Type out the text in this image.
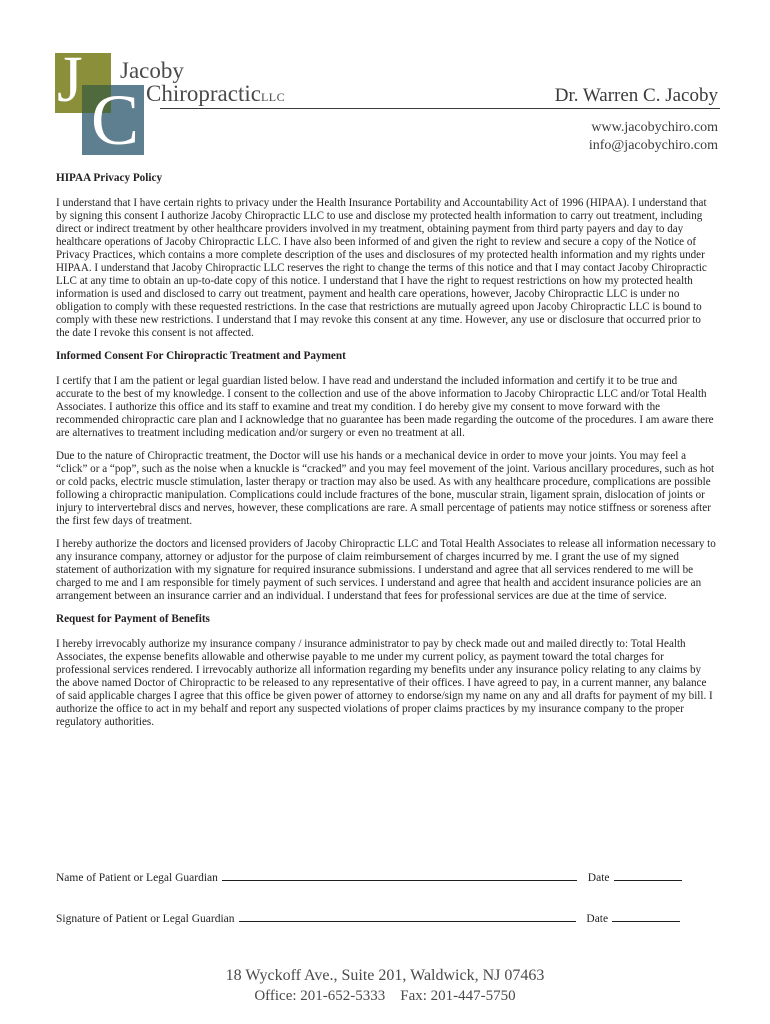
J
C
Jacoby
ChiropracticLLC	Dr. Warren C. Jacoby
www.jacobychiro.com
info@jacobychiro.com
HIPAA Privacy Policy

I understand that I have certain rights to privacy under the Health Insurance Portability and Accountability Act of 1996 (HIPAA). I understand that by signing this consent I authorize Jacoby Chiropractic LLC to use and disclose my protected health information to carry out treatment, including direct or indirect treatment by other healthcare providers involved in my treatment, obtaining payment from third party payers and day to day healthcare operations of Jacoby Chiropractic LLC. I have also been informed of and given the right to review and secure a copy of the Notice of Privacy Practices, which contains a more complete description of the uses and disclosures of my protected health information and my rights under HIPAA. I understand that Jacoby Chiropractic LLC reserves the right to change the terms of this notice and that I may contact Jacoby Chiropractic LLC at any time to obtain an up-to-date copy of this notice. I understand that I have the right to request restrictions on how my protected health information is used and disclosed to carry out treatment, payment and health care operations, however, Jacoby Chiropractic LLC is under no obligation to comply with these requested restrictions. In the case that restrictions are mutually agreed upon Jacoby Chiropractic LLC is bound to comply with these new restrictions. I understand that I may revoke this consent at any time. However, any use or disclosure that occurred prior to the date I revoke this consent is not affected.

Informed Consent For Chiropractic Treatment and Payment

I certify that I am the patient or legal guardian listed below. I have read and understand the included information and certify it to be true and accurate to the best of my knowledge. I consent to the collection and use of the above information to Jacoby Chiropractic LLC and/or Total Health Associates. I authorize this office and its staff to examine and treat my condition. I do hereby give my consent to move forward with the recommended chiropractic care plan and I acknowledge that no guarantee has been made regarding the outcome of the procedures. I am aware there are alternatives to treatment including medication and/or surgery or even no treatment at all.

Due to the nature of Chiropractic treatment, the Doctor will use his hands or a mechanical device in order to move your joints. You may feel a “click” or a “pop”, such as the noise when a knuckle is “cracked” and you may feel movement of the joint. Various ancillary procedures, such as hot or cold packs, electric muscle stimulation, laster therapy or traction may also be used. As with any healthcare procedure, complications are possible following a chiropractic manipulation. Complications could include fractures of the bone, muscular strain, ligament sprain, dislocation of joints or injury to intervertebral discs and nerves, however, these complications are rare. A small percentage of patients may notice stiffness or soreness after the first few days of treatment.

I hereby authorize the doctors and licensed providers of Jacoby Chiropractic LLC and Total Health Associates to release all information necessary to any insurance company, attorney or adjustor for the purpose of claim reimbursement of charges incurred by me. I grant the use of my signed statement of authorization with my signature for required insurance submissions. I understand and agree that all services rendered to me will be charged to me and I am responsible for timely payment of such services. I understand and agree that health and accident insurance policies are an arrangement between an insurance carrier and an individual. I understand that fees for professional services are due at the time of service.

Request for Payment of Benefits

I hereby irrevocably authorize my insurance company / insurance administrator to pay by check made out and mailed directly to: Total Health Associates, the expense benefits allowable and otherwise payable to me under my current policy, as payment toward the total charges for professional services rendered. I irrevocably authorize all information regarding my benefits under any insurance policy relating to any claims by the above named Doctor of Chiropractic to be released to any representative of their offices. I have agreed to pay, in a current manner, any balance of said applicable charges I agree that this office be given power of attorney to endorse/sign my name on any and all drafts for payment of my bill. I authorize the office to act in my behalf and report any suspected violations of proper claims practices by my insurance company to the proper regulatory authorities.

Name of Patient or Legal Guardian	Date
Signature of Patient or Legal Guardian	Date
18 Wyckoff Ave., Suite 201, Waldwick, NJ 07463
Office: 201-652-5333    Fax: 201-447-5750
